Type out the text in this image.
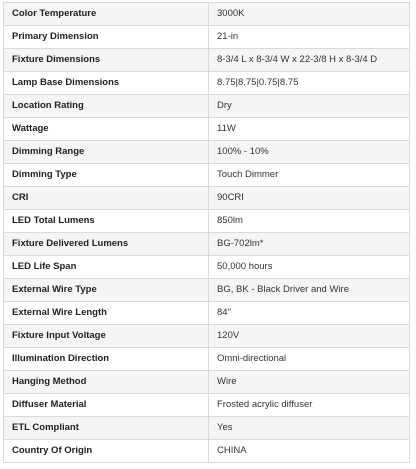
Color Temperature	3000K
Primary Dimension	21-in
Fixture Dimensions	8-3/4 L x 8-3/4 W x 22-3/8 H x 8-3/4 D
Lamp Base Dimensions	8.75|8.75|0.75|8.75
Location Rating	Dry
Wattage	11W
Dimming Range	100% - 10%
Dimming Type	Touch Dimmer
CRI	90CRI
LED Total Lumens	850lm
Fixture Delivered Lumens	BG-702lm*
LED Life Span	50,000 hours
External Wire Type	BG, BK - Black Driver and Wire
External Wire Length	84"
Fixture Input Voltage	120V
Illumination Direction	Omni-directional
Hanging Method	Wire
Diffuser Material	Frosted acrylic diffuser
ETL Compliant	Yes
Country Of Origin	CHINA
